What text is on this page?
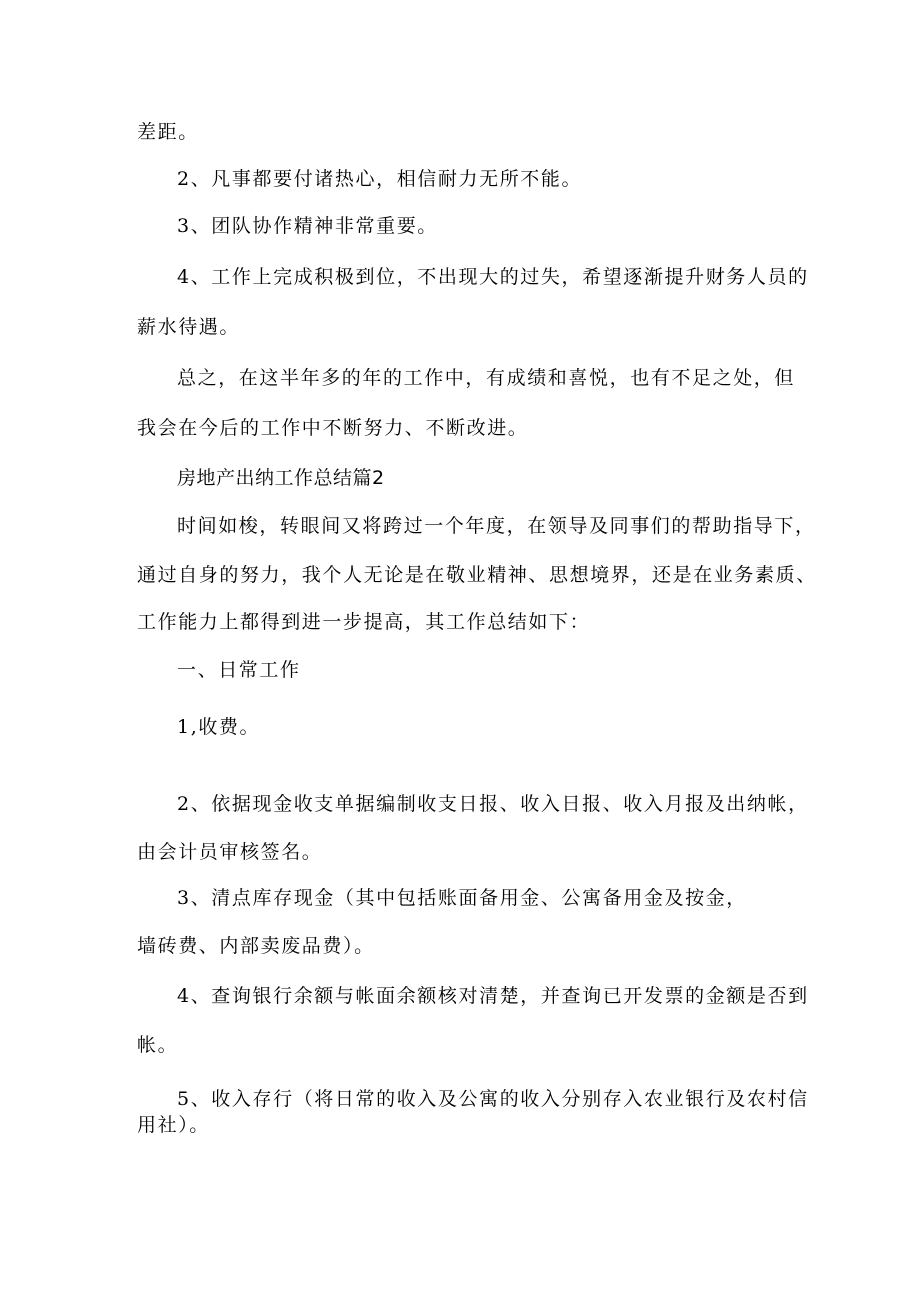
差距。
2、凡事都要付诸热心，相信耐力无所不能。
3、团队协作精神非常重要。
4、工作上完成积极到位，不出现大的过失，希望逐渐提升财务人员的
薪水待遇。
总之，在这半年多的年的工作中，有成绩和喜悦，也有不足之处，但
我会在今后的工作中不断努力、不断改进。
房地产出纳工作总结篇2
时间如梭，转眼间又将跨过一个年度，在领导及同事们的帮助指导下，
通过自身的努力，我个人无论是在敬业精神、思想境界，还是在业务素质、
工作能力上都得到进一步提高，其工作总结如下：
一、日常工作
1,收费。
2、依据现金收支单据编制收支日报、收入日报、收入月报及出纳帐，
由会计员审核签名。
3、清点库存现金（其中包括账面备用金、公寓备用金及按金，
墙砖费、内部卖废品费）。
4、查询银行余额与帐面余额核对清楚，并查询已开发票的金额是否到
帐。
5、收入存行（将日常的收入及公寓的收入分别存入农业银行及农村信
用社）。
